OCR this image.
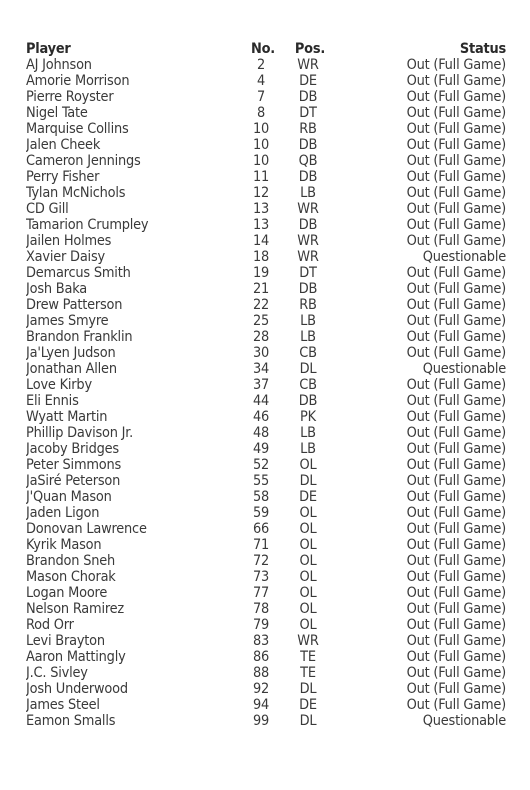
Player	No.	Pos.	Status
AJ Johnson	2	WR	Out (Full Game)
Amorie Morrison	4	DE	Out (Full Game)
Pierre Royster	7	DB	Out (Full Game)
Nigel Tate	8	DT	Out (Full Game)
Marquise Collins	10	RB	Out (Full Game)
Jalen Cheek	10	DB	Out (Full Game)
Cameron Jennings	10	QB	Out (Full Game)
Perry Fisher	11	DB	Out (Full Game)
Tylan McNichols	12	LB	Out (Full Game)
CD Gill	13	WR	Out (Full Game)
Tamarion Crumpley	13	DB	Out (Full Game)
Jailen Holmes	14	WR	Out (Full Game)
Xavier Daisy	18	WR	Questionable
Demarcus Smith	19	DT	Out (Full Game)
Josh Baka	21	DB	Out (Full Game)
Drew Patterson	22	RB	Out (Full Game)
James Smyre	25	LB	Out (Full Game)
Brandon Franklin	28	LB	Out (Full Game)
Ja'Lyen Judson	30	CB	Out (Full Game)
Jonathan Allen	34	DL	Questionable
Love Kirby	37	CB	Out (Full Game)
Eli Ennis	44	DB	Out (Full Game)
Wyatt Martin	46	PK	Out (Full Game)
Phillip Davison Jr.	48	LB	Out (Full Game)
Jacoby Bridges	49	LB	Out (Full Game)
Peter Simmons	52	OL	Out (Full Game)
JaSiré Peterson	55	DL	Out (Full Game)
J'Quan Mason	58	DE	Out (Full Game)
Jaden Ligon	59	OL	Out (Full Game)
Donovan Lawrence	66	OL	Out (Full Game)
Kyrik Mason	71	OL	Out (Full Game)
Brandon Sneh	72	OL	Out (Full Game)
Mason Chorak	73	OL	Out (Full Game)
Logan Moore	77	OL	Out (Full Game)
Nelson Ramirez	78	OL	Out (Full Game)
Rod Orr	79	OL	Out (Full Game)
Levi Brayton	83	WR	Out (Full Game)
Aaron Mattingly	86	TE	Out (Full Game)
J.C. Sivley	88	TE	Out (Full Game)
Josh Underwood	92	DL	Out (Full Game)
James Steel	94	DE	Out (Full Game)
Eamon Smalls	99	DL	Questionable
